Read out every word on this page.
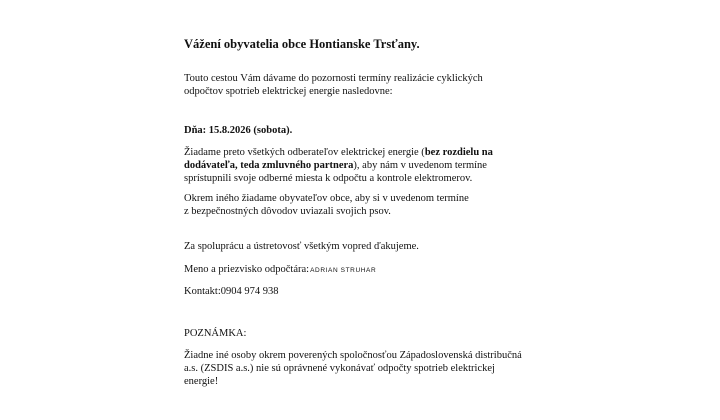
Vážení obyvatelia obce Hontianske Trsťany.

Touto cestou Vám dávame do pozornosti termíny realizácie cyklických
odpočtov spotrieb elektrickej energie nasledovne:

Dňa: 15.8.2026 (sobota).

Žiadame preto všetkých odberateľov elektrickej energie (bez rozdielu na
dodávateľa, teda zmluvného partnera), aby nám v uvedenom termíne
sprístupnili svoje odberné miesta k odpočtu a kontrole elektromerov.

Okrem iného žiadame obyvateľov obce, aby si v uvedenom termíne
z bezpečnostných dôvodov uviazali svojich psov.

Za spoluprácu a ústretovosť všetkým vopred ďakujeme.

Meno a priezvisko odpočtára:ADRIAN STRUHAR

Kontakt:0904 974 938

POZNÁMKA:

Žiadne iné osoby okrem poverených spoločnosťou Západoslovenská distribučná
a.s. (ZSDIS a.s.) nie sú oprávnené vykonávať odpočty spotrieb elektrickej
energie!
